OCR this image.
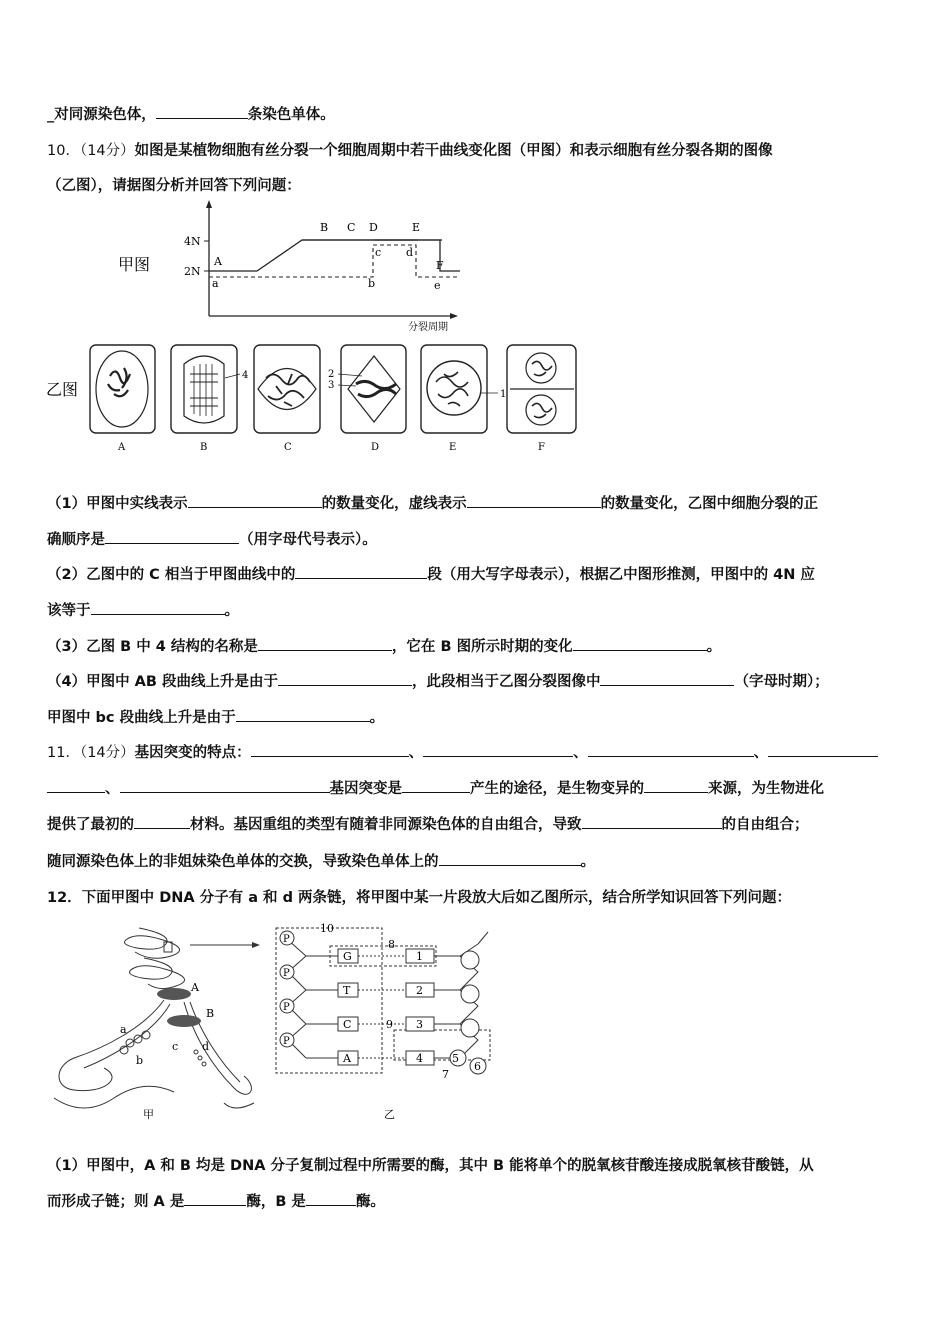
_对同源染色体，	条染色单体。
10．（14分）如图是某植物细胞有丝分裂一个细胞周期中若干曲线变化图（甲图）和表示细胞有丝分裂各期的图像
（乙图），请据图分析并回答下列问题：
甲图
4N
2N
A
B C D	E
F
a	b
c d
e
分裂周期
乙图
A
4
B	C
2
3
D
1
E	F
（1）甲图中实线表示	的数量变化，虚线表示	的数量变化，乙图中细胞分裂的正
确顺序是	（用字母代号表示）。
（2）乙图中的 C 相当于甲图曲线中的	段（用大写字母表示），根据乙中图形推测，甲图中的 4N 应
该等于	。
（3）乙图 B 中 4 结构的名称是	，它在 B 图所示时期的变化	。
（4）甲图中 AB 段曲线上升是由于	，此段相当于乙图分裂图像中	（字母时期）；
甲图中 bc 段曲线上升是由于	。
11．（14分）基因突变的特点：	、	、	、
、	基因突变是	产生的途径，是生物变异的	来源，为生物进化
提供了最初的	材料。基因重组的类型有随着非同源染色体的自由组合，导致	的自由组合；
随同源染色体上的非姐妹染色单体的交换，导致染色单体上的	。
12．下面甲图中 DNA 分子有 a 和 d 两条链，将甲图中某一片段放大后如乙图所示，结合所学知识回答下列问题：
A
B
a
b
c d
甲
P
P
P
P
G
T
C
A
10
8
9
1
2
3
4	5
6
7
乙
（1）甲图中，A 和 B 均是 DNA 分子复制过程中所需要的酶，其中 B 能将单个的脱氧核苷酸连接成脱氧核苷酸链，从
而形成子链；则 A 是	酶，B 是	酶。
